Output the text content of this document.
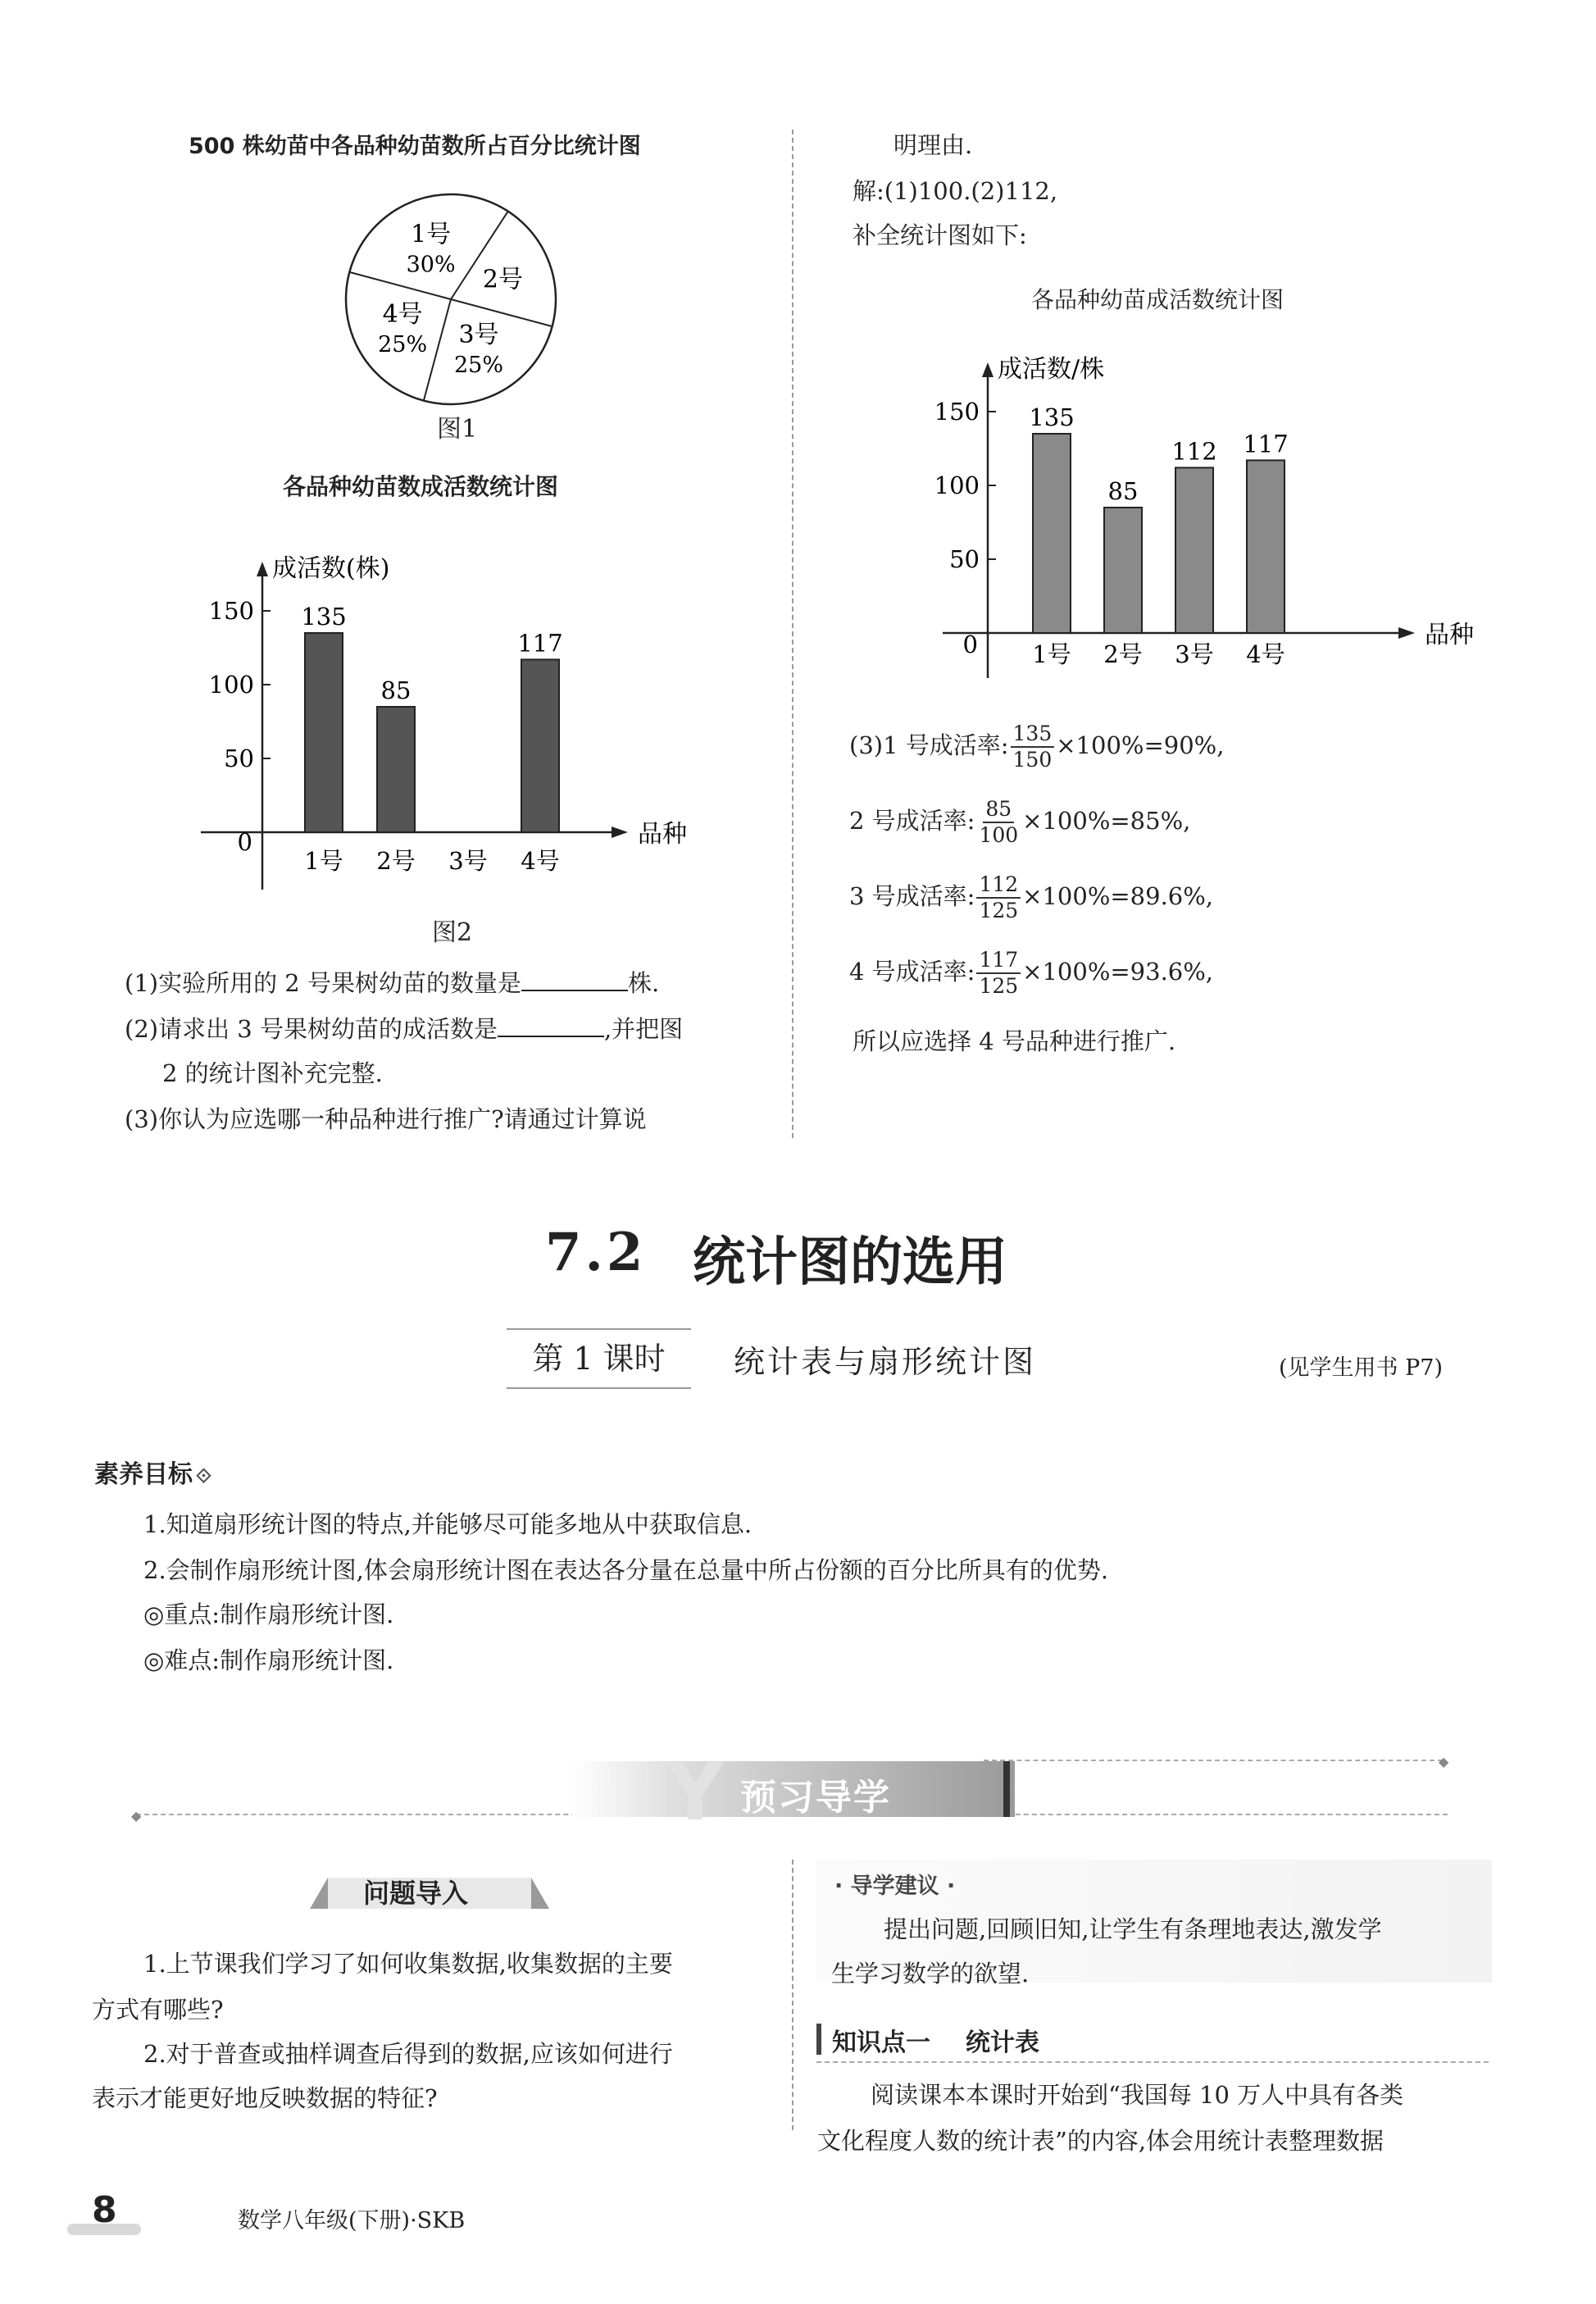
500 株幼苗中各品种幼苗数所占百分比统计图
1号
30%
2号
3号
25%
4号
25%
图1
各品种幼苗数成活数统计图
成活数(株)
品种
0
50
100
150 135
1号
85
2号 3号
117
4号
图2
(1)实验所用的 2 号果树幼苗的数量是	株.
(2)请求出 3 号果树幼苗的成活数是	,并把图
2 的统计图补充完整.
(3)你认为应选哪一种品种进行推广?请通过计算说
明理由.
解:(1)100.(2)112,
补全统计图如下:
各品种幼苗成活数统计图
成活数/株
品种
0
50
100
150 135
1号
85
2号
112
3号
117
4号
(3)1 号成活率: $\frac{135}{150} \times 100\%=90\%$,
2 号成活率: $\frac{85}{100} \times 100\%=85\%$,
3 号成活率: $\frac{112}{125} \times 100\%=89.6\%$,
4 号成活率: $\frac{117}{125} \times 100\%=93.6\%$,
所以应选择 4 号品种进行推广.
7.2 统计图的选用
第 1 课时	统计表与扇形统计图	(见学生用书 P7)
素养目标 ⟐
1.知道扇形统计图的特点,并能够尽可能多地从中获取信息.
2.会制作扇形统计图,体会扇形统计图在表达各分量在总量中所占份额的百分比所具有的优势.
◎重点:制作扇形统计图.
◎难点:制作扇形统计图.
◆
◆
Y 预习导学
问题导入
1.上节课我们学习了如何收集数据,收集数据的主要
方式有哪些?
2.对于普查或抽样调查后得到的数据,应该如何进行
表示才能更好地反映数据的特征?
· 导学建议 ·
提出问题,回顾旧知,让学生有条理地表达,激发学
生学习数学的欲望.
知识点一 统计表
阅读课本本课时开始到“我国每 10 万人中具有各类
文化程度人数的统计表”的内容,体会用统计表整理数据
8	数学八年级(下册)·SKB
